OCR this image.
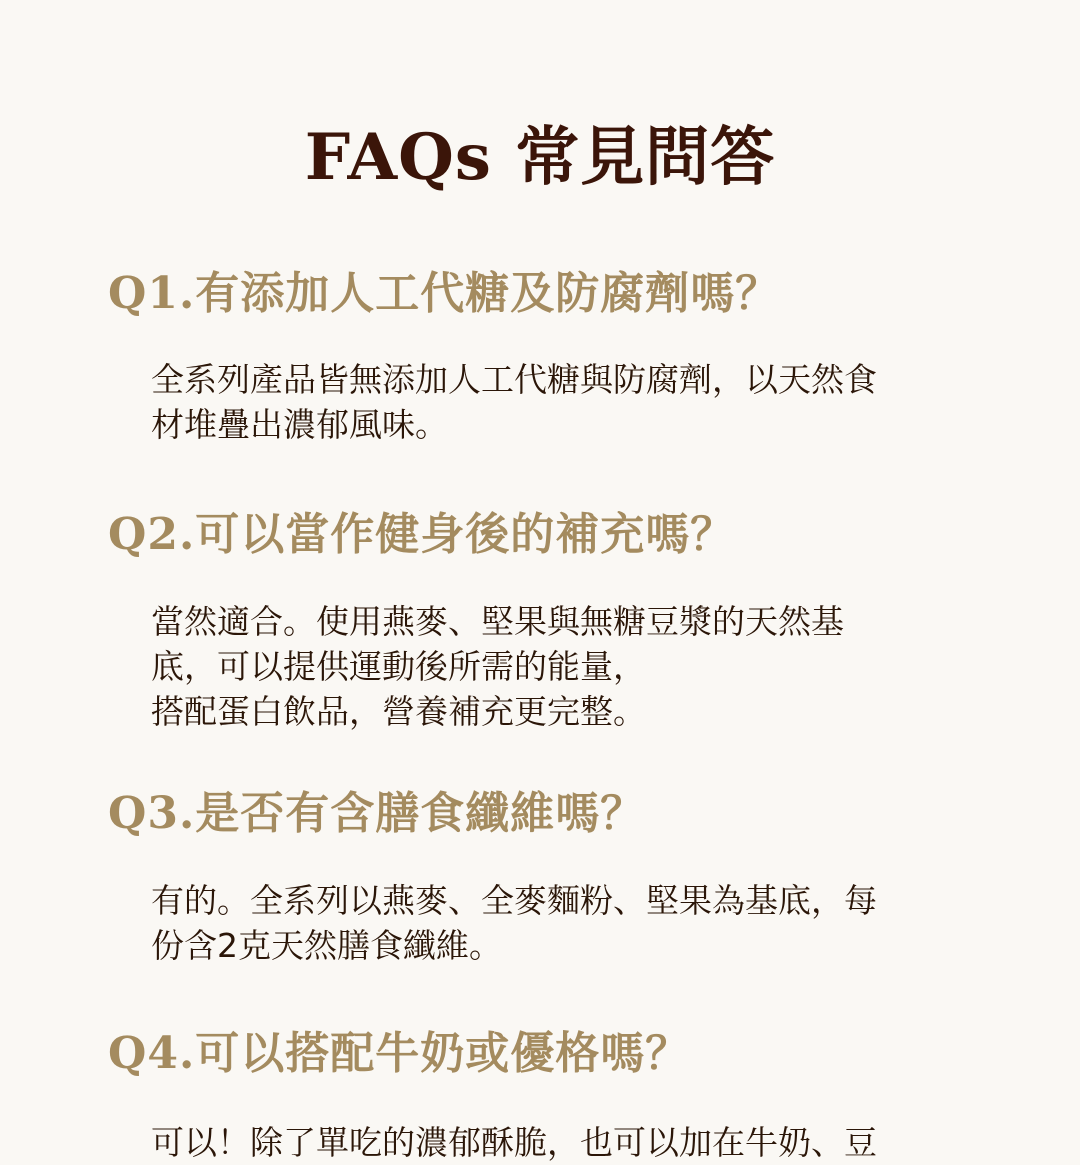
FAQs 常見問答
Q1.有添加人工代糖及防腐劑嗎？

全系列產品皆無添加人工代糖與防腐劑，以天然食
材堆疊出濃郁風味。

Q2.可以當作健身後的補充嗎？

當然適合。使用燕麥、堅果與無糖豆漿的天然基
底，可以提供運動後所需的能量，
搭配蛋白飲品，營養補充更完整。

Q3.是否有含膳食纖維嗎？

有的。全系列以燕麥、全麥麵粉、堅果為基底，每
份含2克天然膳食纖維。

Q4.可以搭配牛奶或優格嗎？

可以！除了單吃的濃郁酥脆，也可以加在牛奶、豆
